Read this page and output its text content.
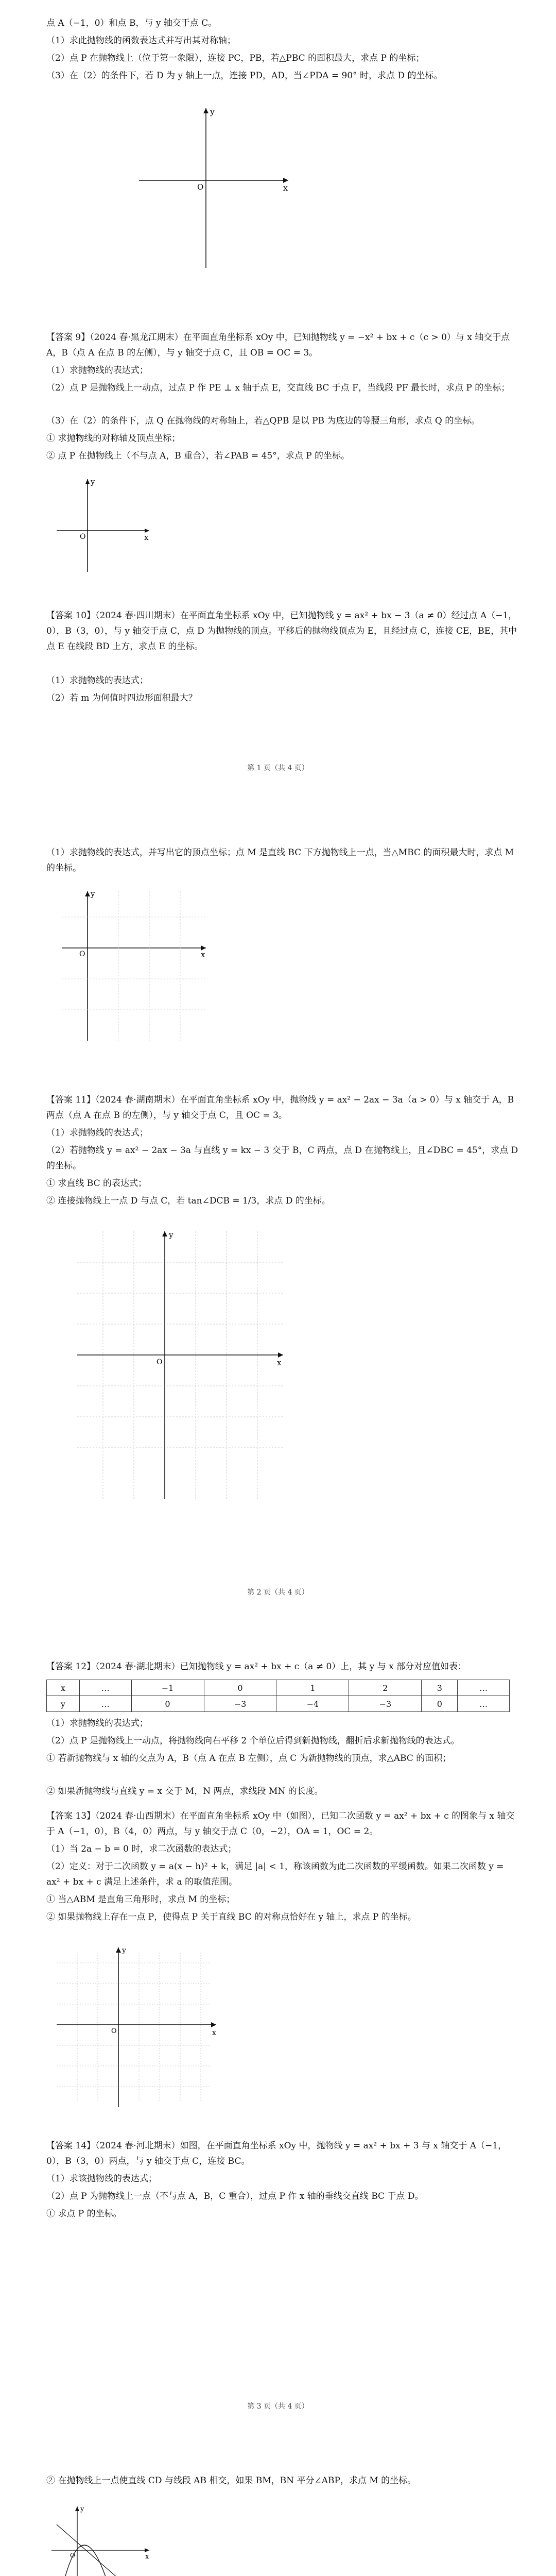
点 A（−1，0）和点 B，与 y 轴交于点 C。
（1）求此抛物线的函数表达式并写出其对称轴；
（2）点 P 在抛物线上（位于第一象限），连接 PC，PB，若△PBC 的面积最大，求点 P 的坐标；
（3）在（2）的条件下，若 D 为 y 轴上一点，连接 PD，AD，当∠PDA = 90° 时，求点 D 的坐标。
x
y
O
【答案 9】（2024 春·黑龙江期末）在平面直角坐标系 xOy 中，已知抛物线 y = −x² + bx + c（c > 0）与 x 轴交于点 A，B（点 A 在点 B 的左侧），与 y 轴交于点 C，且 OB = OC = 3。
（1）求抛物线的表达式；
（2）点 P 是抛物线上一动点，过点 P 作 PE ⊥ x 轴于点 E，交直线 BC 于点 F，当线段 PF 最长时，求点 P 的坐标；
（3）在（2）的条件下，点 Q 在抛物线的对称轴上，若△QPB 是以 PB 为底边的等腰三角形，求点 Q 的坐标。
① 求抛物线的对称轴及顶点坐标；
② 点 P 在抛物线上（不与点 A，B 重合），若∠PAB = 45°，求点 P 的坐标。
x
y
O
【答案 10】（2024 春·四川期末）在平面直角坐标系 xOy 中，已知抛物线 y = ax² + bx − 3（a ≠ 0）经过点 A（−1，0），B（3，0），与 y 轴交于点 C，点 D 为抛物线的顶点。平移后的抛物线顶点为 E，且经过点 C，连接 CE，BE，其中点 E 在线段 BD 上方，求点 E 的坐标。
（1）求抛物线的表达式；
（2）若 m 为何值时四边形面积最大？
第 1 页（共 4 页）
（1）求抛物线的表达式，并写出它的顶点坐标；点 M 是直线 BC 下方抛物线上一点，当△MBC 的面积最大时，求点 M 的坐标。
x
y
O
【答案 11】（2024 春·湖南期末）在平面直角坐标系 xOy 中，抛物线 y = ax² − 2ax − 3a（a > 0）与 x 轴交于 A，B 两点（点 A 在点 B 的左侧），与 y 轴交于点 C，且 OC = 3。
（1）求抛物线的表达式；
（2）若抛物线 y = ax² − 2ax − 3a 与直线 y = kx − 3 交于 B，C 两点，点 D 在抛物线上，且∠DBC = 45°，求点 D 的坐标。
① 求直线 BC 的表达式；
② 连接抛物线上一点 D 与点 C，若 tan∠DCB = 1/3，求点 D 的坐标。
x
y
O
第 2 页（共 4 页）
【答案 12】（2024 春·湖北期末）已知抛物线 y = ax² + bx + c（a ≠ 0）上，其 y 与 x 部分对应值如表：
x	…	−1	0	1	2	3	…
y	…	0	−3	−4	−3	0	…
（1）求抛物线的表达式；
（2）点 P 是抛物线上一动点，将抛物线向右平移 2 个单位后得到新抛物线，翻折后求新抛物线的表达式。
① 若新抛物线与 x 轴的交点为 A，B（点 A 在点 B 左侧），点 C 为新抛物线的顶点，求△ABC 的面积；
② 如果新抛物线与直线 y = x 交于 M，N 两点，求线段 MN 的长度。
【答案 13】（2024 春·山西期末）在平面直角坐标系 xOy 中（如图），已知二次函数 y = ax² + bx + c 的图象与 x 轴交于 A（−1，0），B（4，0）两点，与 y 轴交于点 C（0，−2），OA = 1，OC = 2。
（1）当 2a − b = 0 时，求二次函数的表达式；
（2）定义：对于二次函数 y = a(x − h)² + k，满足 |a| < 1，称该函数为此二次函数的平缓函数。如果二次函数 y = ax² + bx + c 满足上述条件，求 a 的取值范围。
① 当△ABM 是直角三角形时，求点 M 的坐标；
② 如果抛物线上存在一点 P，使得点 P 关于直线 BC 的对称点恰好在 y 轴上，求点 P 的坐标。
x
y
O
【答案 14】（2024 春·河北期末）如图，在平面直角坐标系 xOy 中，抛物线 y = ax² + bx + 3 与 x 轴交于 A（−1，0），B（3，0）两点，与 y 轴交于点 C，连接 BC。
（1）求该抛物线的表达式；
（2）点 P 为抛物线上一点（不与点 A，B，C 重合），过点 P 作 x 轴的垂线交直线 BC 于点 D。
① 求点 P 的坐标。
第 3 页（共 4 页）
② 在抛物线上一点使直线 CD 与线段 AB 相交，如果 BM，BN 平分∠ABP，求点 M 的坐标。
x
y
O
